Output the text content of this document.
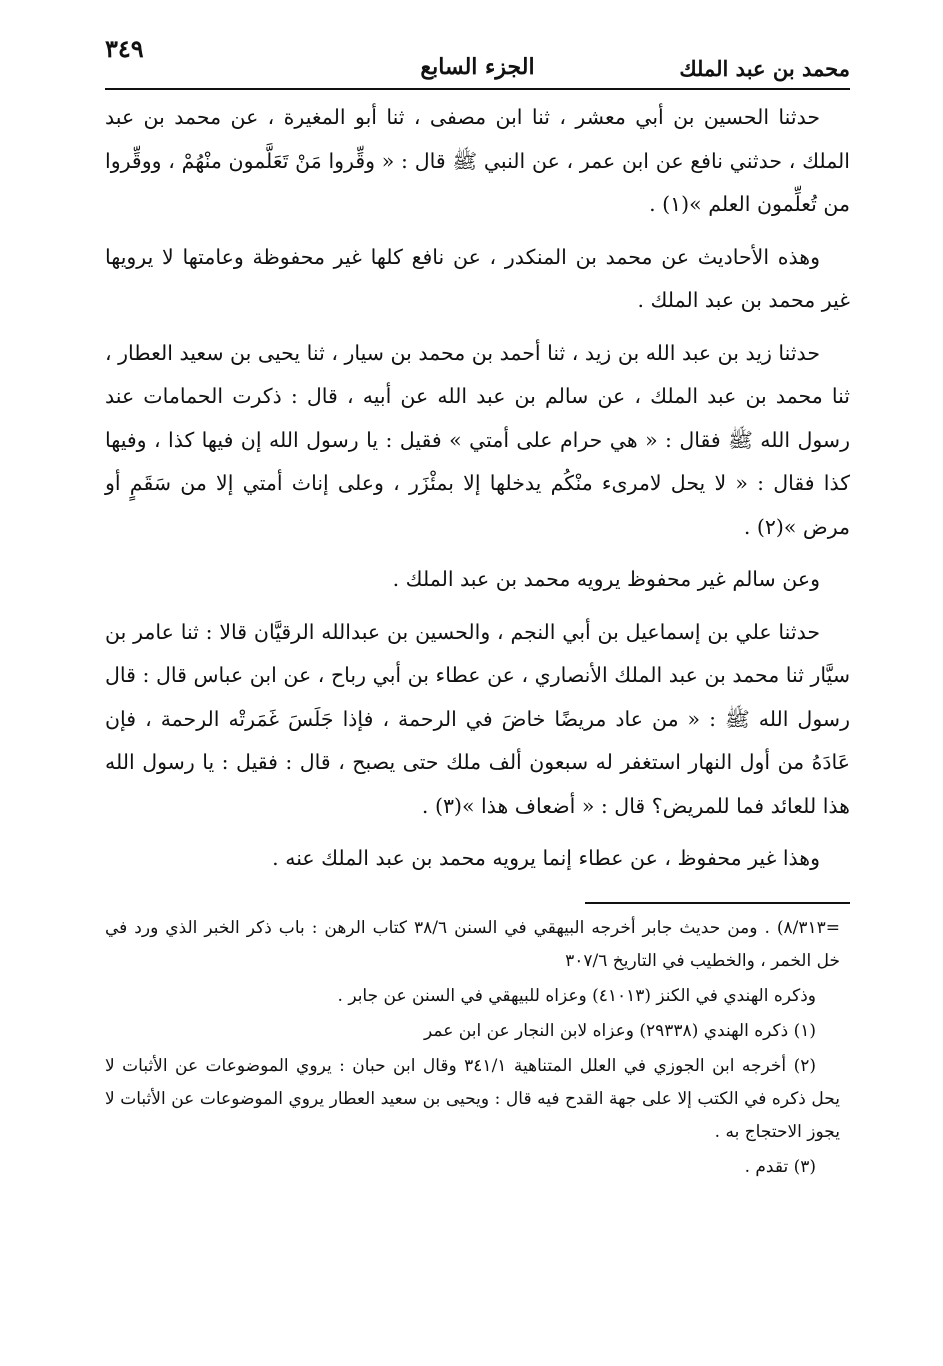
محمد بن عبد الملك
الجزء السابع
٣٤٩

حدثنا الحسين بن أبي معشر ، ثنا ابن مصفى ، ثنا أبو المغيرة ، عن محمد بن عبد الملك ، حدثني نافع عن ابن عمر ، عن النبي ﷺ قال : « وقِّروا مَنْ تَعَلَّمون منْهُمْ ، ووقِّروا من تُعلِّمون العلم »(١) .

وهذه الأحاديث عن محمد بن المنكدر ، عن نافع كلها غير محفوظة وعامتها لا يرويها غير محمد بن عبد الملك .

حدثنا زيد بن عبد الله بن زيد ، ثنا أحمد بن محمد بن سيار ، ثنا يحيى بن سعيد العطار ، ثنا محمد بن عبد الملك ، عن سالم بن عبد الله عن أبيه ، قال : ذكرت الحمامات عند رسول الله ﷺ فقال : « هي حرام على أمتي » فقيل : يا رسول الله إن فيها كذا ، وفيها كذا فقال : « لا يحل لامرىء منْكُم يدخلها إلا بمئْزَر ، وعلى إناث أمتي إلا من سَقَمٍ أو مرض »(٢) .

وعن سالم غير محفوظ يرويه محمد بن عبد الملك .

حدثنا علي بن إسماعيل بن أبي النجم ، والحسين بن عبدالله الرقيَّان قالا : ثنا عامر بن سيَّار ثنا محمد بن عبد الملك الأنصاري ، عن عطاء بن أبي رباح ، عن ابن عباس قال : قال رسول الله ﷺ : « من عاد مريضًا خاضَ في الرحمة ، فإذا جَلَسَ غَمَرتْه الرحمة ، فإن عَادَهُ من أول النهار استغفر له سبعون ألف ملك حتى يصبح ، قال : فقيل : يا رسول الله هذا للعائد فما للمريض؟ قال : « أضعاف هذا »(٣) .

وهذا غير محفوظ ، عن عطاء إنما يرويه محمد بن عبد الملك عنه .

=٨/٣١٣) . ومن حديث جابر أخرجه البيهقي في السنن ٣٨/٦ كتاب الرهن : باب ذكر الخبر الذي ورد في خل الخمر ، والخطيب في التاريخ ٣٠٧/٦

وذكره الهندي في الكنز (٤١٠١٣) وعزاه للبيهقي في السنن عن جابر .

(١) ذكره الهندي (٢٩٣٣٨) وعزاه لابن النجار عن ابن عمر

(٢) أخرجه ابن الجوزي في العلل المتناهية ٣٤١/١ وقال ابن حبان : يروي الموضوعات عن الأثبات لا يحل ذكره في الكتب إلا على جهة القدح فيه قال : ويحيى بن سعيد العطار يروي الموضوعات عن الأثبات لا يجوز الاحتجاج به .

(٣) تقدم .
